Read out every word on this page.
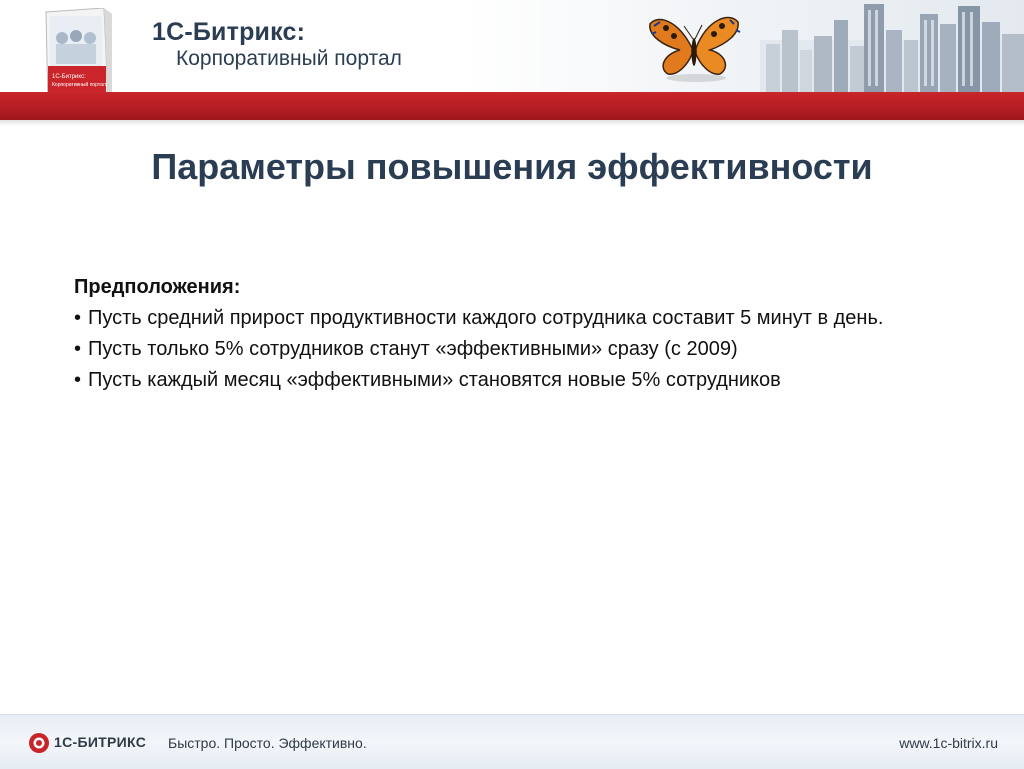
1С-Битрикс:
Корпоративный портал
1С-Битрикс:
Корпоративный портал
Параметры повышения эффективности
Предположения:

• Пусть средний прирост продуктивности каждого сотрудника составит 5 минут в день.

• Пусть только 5% сотрудников станут «эффективными» сразу (с 2009)

• Пусть каждый месяц «эффективными» становятся новые 5% сотрудников

1С-БИТРИКС Быстро. Просто. Эффективно.	www.1c-bitrix.ru
